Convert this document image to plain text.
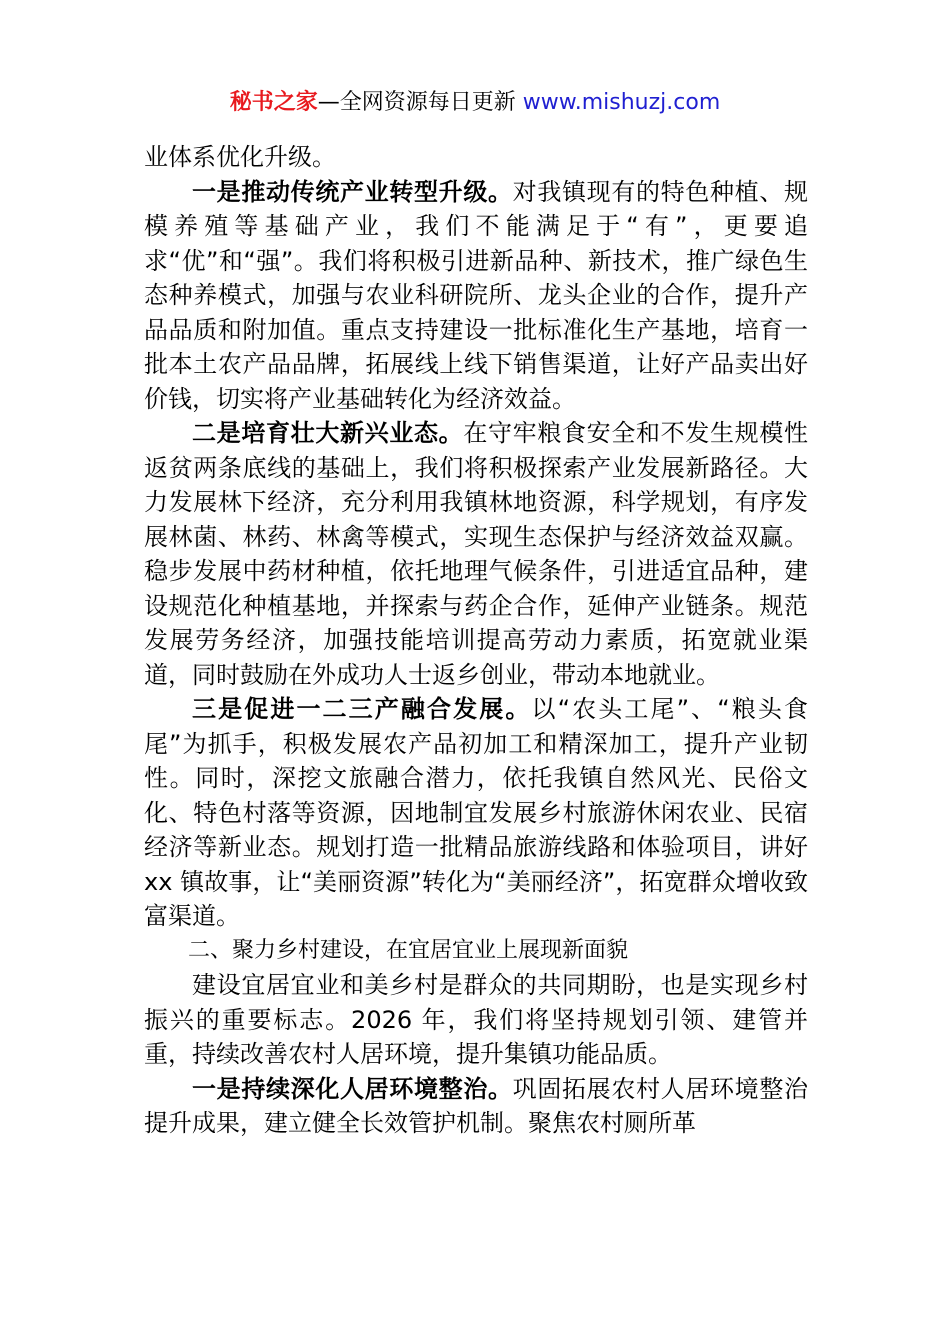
秘书之家—全网资源每日更新 www.mishuzj.com

业体系优化升级。

一是推动传统产业转型升级。对我镇现有的特色种植、规模养殖等基础产业，我们不能满足于“有”，更要追求“优”和“强”。我们将积极引进新品种、新技术，推广绿色生态种养模式，加强与农业科研院所、龙头企业的合作，提升产品品质和附加值。重点支持建设一批标准化生产基地，培育一批本土农产品品牌，拓展线上线下销售渠道，让好产品卖出好价钱，切实将产业基础转化为经济效益。

二是培育壮大新兴业态。在守牢粮食安全和不发生规模性返贫两条底线的基础上，我们将积极探索产业发展新路径。大力发展林下经济，充分利用我镇林地资源，科学规划，有序发展林菌、林药、林禽等模式，实现生态保护与经济效益双赢。稳步发展中药材种植，依托地理气候条件，引进适宜品种，建设规范化种植基地，并探索与药企合作，延伸产业链条。规范发展劳务经济，加强技能培训提高劳动力素质，拓宽就业渠道，同时鼓励在外成功人士返乡创业，带动本地就业。

三是促进一二三产融合发展。以“农头工尾”、“粮头食尾”为抓手，积极发展农产品初加工和精深加工，提升产业韧性。同时，深挖文旅融合潜力，依托我镇自然风光、民俗文化、特色村落等资源，因地制宜发展乡村旅游休闲农业、民宿经济等新业态。规划打造一批精品旅游线路和体验项目，讲好 xx 镇故事，让“美丽资源”转化为“美丽经济”，拓宽群众增收致富渠道。

二、聚力乡村建设，在宜居宜业上展现新面貌

建设宜居宜业和美乡村是群众的共同期盼，也是实现乡村振兴的重要标志。2026 年，我们将坚持规划引领、建管并重，持续改善农村人居环境，提升集镇功能品质。

一是持续深化人居环境整治。巩固拓展农村人居环境整治提升成果，建立健全长效管护机制。聚焦农村厕所革
